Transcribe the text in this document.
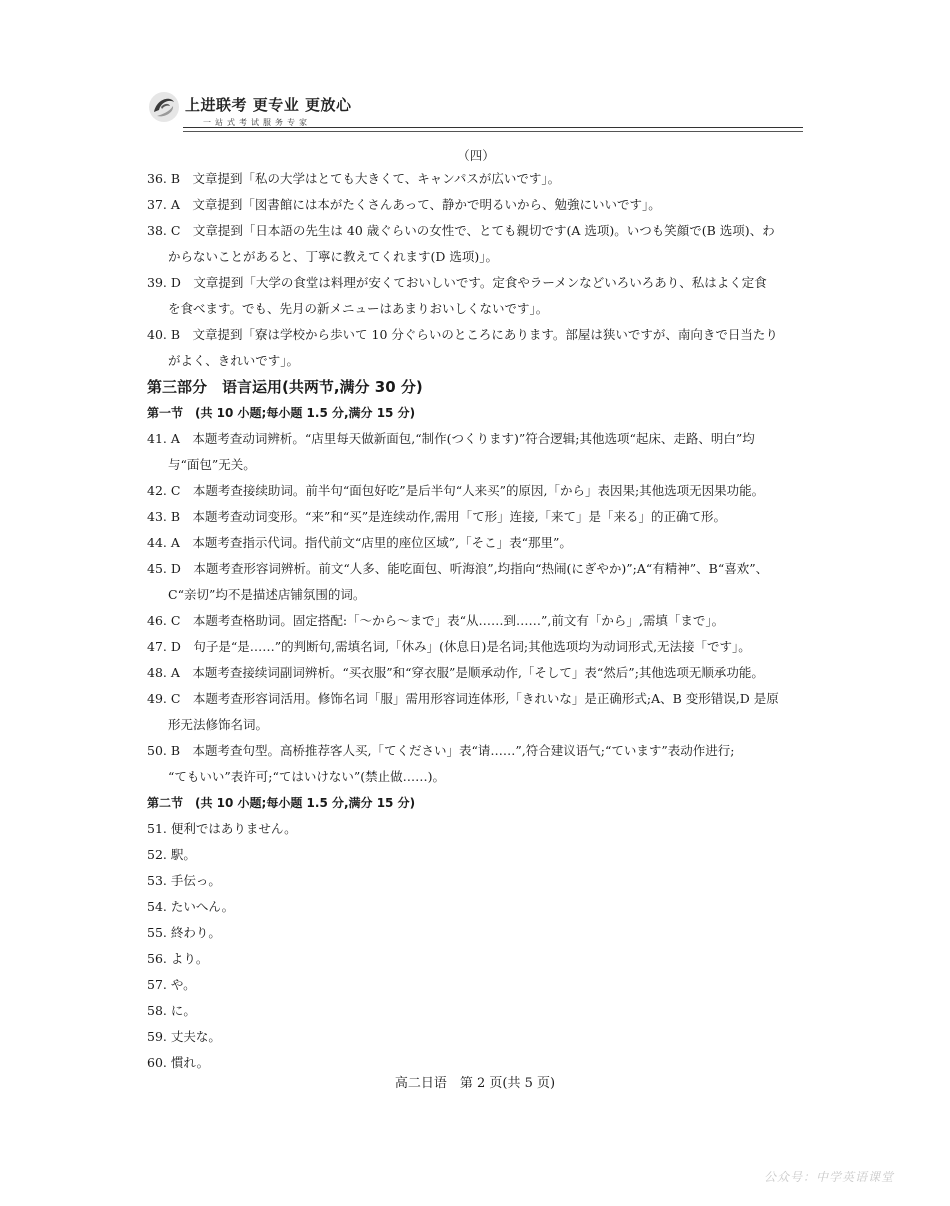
上进联考 更专业 更放心
一站式考试服务专家
（四）
36. B　文章提到「私の大学はとても大きくて、キャンパスが広いです」。
37. A　文章提到「図書館には本がたくさんあって、静かで明るいから、勉強にいいです」。
38. C　文章提到「日本語の先生は 40 歳ぐらいの女性で、とても親切です(A 选项)。いつも笑顔で(B 选项)、わ
からないことがあると、丁寧に教えてくれます(D 选项)」。
39. D　文章提到「大学の食堂は料理が安くておいしいです。定食やラーメンなどいろいろあり、私はよく定食
を食べます。でも、先月の新メニューはあまりおいしくないです」。
40. B　文章提到「寮は学校から歩いて 10 分ぐらいのところにあります。部屋は狭いですが、南向きで日当たり
がよく、きれいです」。
第三部分　语言运用(共两节,满分 30 分)
第一节 (共 10 小题;每小题 1.5 分,满分 15 分)
41. A　本题考查动词辨析。“店里每天做新面包,“制作(つくります)”符合逻辑;其他选项“起床、走路、明白”均
与“面包”无关。
42. C　本题考查接续助词。前半句“面包好吃”是后半句“人来买”的原因,「から」表因果;其他选项无因果功能。
43. B　本题考查动词变形。“来”和“买”是连续动作,需用「て形」连接,「来て」是「来る」的正确て形。
44. A　本题考查指示代词。指代前文“店里的座位区域”,「そこ」表“那里”。
45. D　本题考查形容词辨析。前文“人多、能吃面包、听海浪”,均指向“热闹(にぎやか)”;A“有精神”、B“喜欢”、
C“亲切”均不是描述店铺氛围的词。
46. C　本题考查格助词。固定搭配:「～から～まで」表“从……到……”,前文有「から」,需填「まで」。
47. D　句子是“是……”的判断句,需填名词,「休み」(休息日)是名词;其他选项均为动词形式,无法接「です」。
48. A　本题考查接续词副词辨析。“买衣服”和“穿衣服”是顺承动作,「そして」表“然后”;其他选项无顺承功能。
49. C　本题考查形容词活用。修饰名词「服」需用形容词连体形,「きれいな」是正确形式;A、B 变形错误,D 是原
形无法修饰名词。
50. B　本题考查句型。高桥推荐客人买,「てください」表“请……”,符合建议语气;“ています”表动作进行;
“てもいい”表许可;“てはいけない”(禁止做……)。
第二节 (共 10 小题;每小题 1.5 分,满分 15 分)
51. 便利ではありません。
52. 駅。
53. 手伝っ。
54. たいへん。
55. 終わり。
56. より。
57. や。
58. に。
59. 丈夫な。
60. 慣れ。
高二日语　第 2 页(共 5 页)
公众号：中学英语课堂
